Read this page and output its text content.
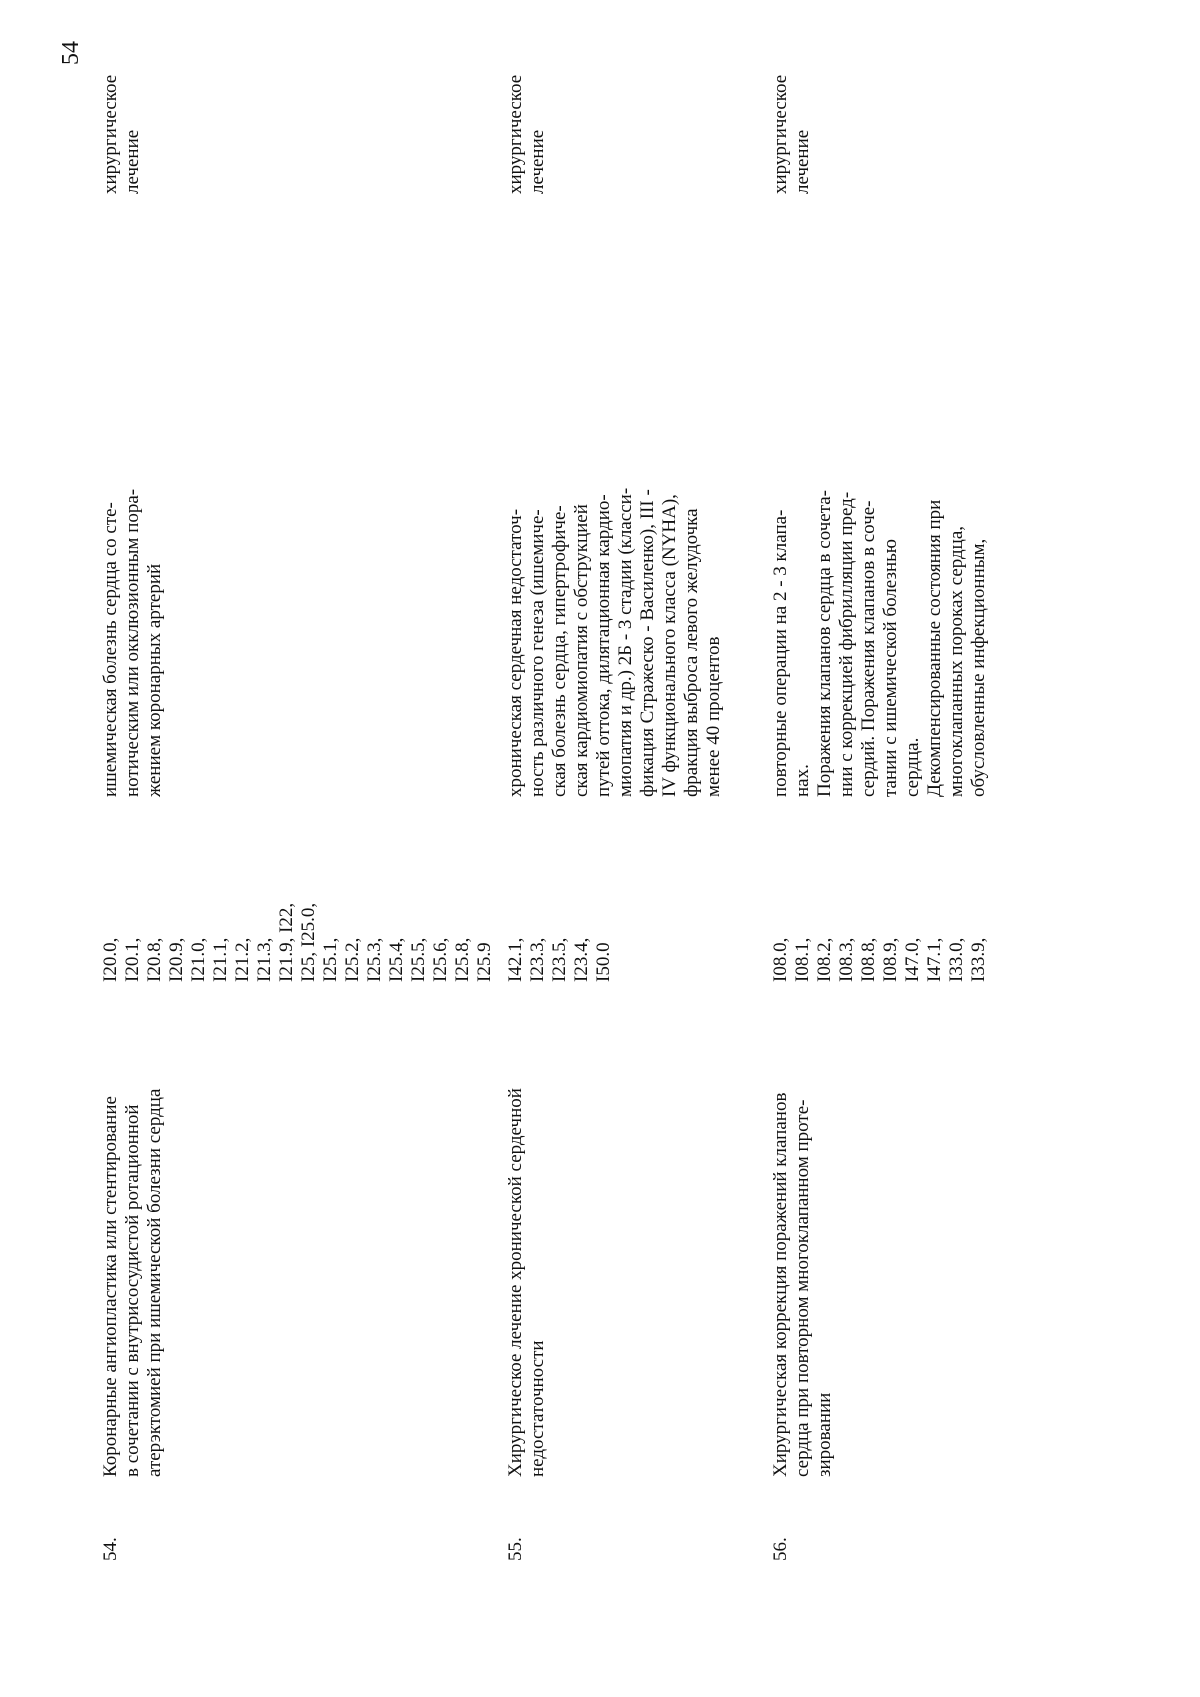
54
54.
Коронарные ангиопластика или стентирование
в сочетании с внутрисосудистой ротационной
атерэктомией при ишемической болезни сердца
I20.0,
I20.1,
I20.8,
I20.9,
I21.0,
I21.1,
I21.2,
I21.3,
I21.9, I22,
I25, I25.0,
I25.1,
I25.2,
I25.3,
I25.4,
I25.5,
I25.6,
I25.8,
I25.9
ишемическая болезнь сердца со сте-
нотическим или окклюзионным пора-
жением коронарных артерий
хирургическое
лечение
55.
Хирургическое лечение хронической сердечной
недостаточности
I42.1,
I23.3,
I23.5,
I23.4,
I50.0
хроническая сердечная недостаточ-
ность различного генеза (ишемиче-
ская болезнь сердца, гипертрофиче-
ская кардиомиопатия с обструкцией
путей оттока, дилятационная кардио-
миопатия и др.) 2Б - 3 стадии (класси-
фикация Стражеско - Василенко), III -
IV функционального класса (NYHA),
фракция выброса левого желудочка
менее 40 процентов
хирургическое
лечение
56.
Хирургическая коррекция поражений клапанов
сердца при повторном многоклапанном проте-
зировании
I08.0,
I08.1,
I08.2,
I08.3,
I08.8,
I08.9,
I47.0,
I47.1,
I33.0,
I33.9,
повторные операции на 2 - 3 клапа-
нах.
Поражения клапанов сердца в сочета-
нии с коррекцией фибрилляции пред-
сердий. Поражения клапанов в соче-
тании с ишемической болезнью
сердца.
Декомпенсированные состояния при
многоклапанных пороках сердца,
обусловленные инфекционным,
хирургическое
лечение
